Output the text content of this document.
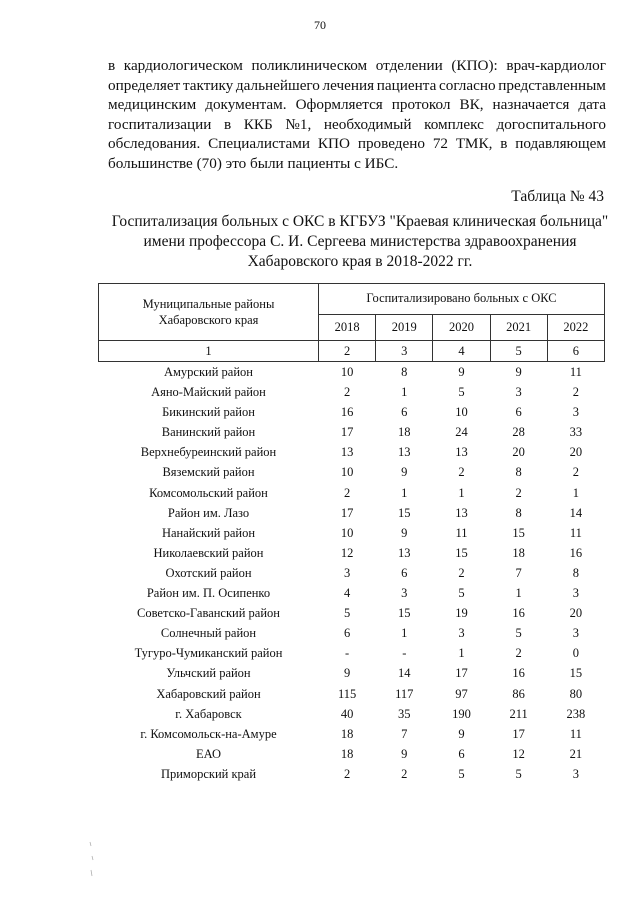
70
в кардиологическом поликлиническом отделении (КПО): врач-кардиолог
определяет тактику дальнейшего лечения пациента согласно представленным
медицинским документам. Оформляется протокол ВК, назначается дата
госпитализации в ККБ №1, необходимый комплекс догоспитального
обследования. Специалистами КПО проведено 72 ТМК, в подавляющем
большинстве (70) это были пациенты с ИБС.
Таблица № 43
Госпитализация больных с ОКС в КГБУЗ "Краевая клиническая больница"
имени профессора С. И. Сергеева министерства здравоохранения
Хабаровского края в 2018-2022 гг.
Муниципальные районы
Хабаровского края	Госпитализировано больных с ОКС				
	2018	2019	2020	2021	2022
1	2	3	4	5	6
Амурский район	10	8	9	9	11
Аяно-Майский район	2	1	5	3	2
Бикинский район	16	6	10	6	3
Ванинский район	17	18	24	28	33
Верхнебуреинский район	13	13	13	20	20
Вяземский район	10	9	2	8	2
Комсомольский район	2	1	1	2	1
Район им. Лазо	17	15	13	8	14
Нанайский район	10	9	11	15	11
Николаевский район	12	13	15	18	16
Охотский район	3	6	2	7	8
Район им. П. Осипенко	4	3	5	1	3
Советско-Гаванский район	5	15	19	16	20
Солнечный район	6	1	3	5	3
Тугуро-Чумиканский район	-	-	1	2	0
Ульчский район	9	14	17	16	15
Хабаровский район	115	117	97	86	80
г. Хабаровск	40	35	190	211	238
г. Комсомольск-на-Амуре	18	7	9	17	11
ЕАО	18	9	6	12	21
Приморский край	2	2	5	5	3
